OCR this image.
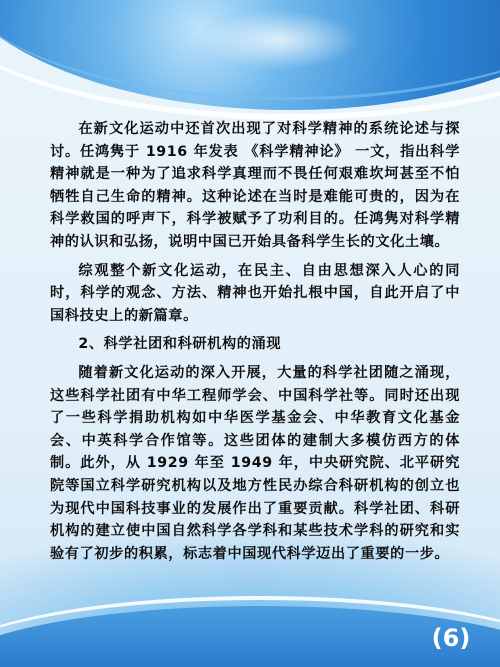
在新文化运动中还首次出现了对科学精神的系统论述与探讨。任鸿隽于 1916 年发表 《科学精神论》 一文，指出科学精神就是一种为了追求科学真理而不畏任何艰难坎坷甚至不怕牺牲自己生命的精神。这种论述在当时是难能可贵的，因为在科学救国的呼声下，科学被赋予了功利目的。任鸿隽对科学精神的认识和弘扬，说明中国已开始具备科学生长的文化土壤。

综观整个新文化运动，在民主、自由思想深入人心的同时，科学的观念、方法、精神也开始扎根中国，自此开启了中国科技史上的新篇章。

2、科学社团和科研机构的涌现

随着新文化运动的深入开展，大量的科学社团随之涌现，这些科学社团有中华工程师学会、中国科学社等。同时还出现了一些科学捐助机构如中华医学基金会、中华教育文化基金会、中英科学合作馆等。这些团体的建制大多模仿西方的体制。此外，从 1929 年至 1949 年，中央研究院、北平研究院等国立科学研究机构以及地方性民办综合科研机构的创立也为现代中国科技事业的发展作出了重要贡献。科学社团、科研机构的建立使中国自然科学各学科和某些技术学科的研究和实验有了初步的积累，标志着中国现代科学迈出了重要的一步。

(6)
